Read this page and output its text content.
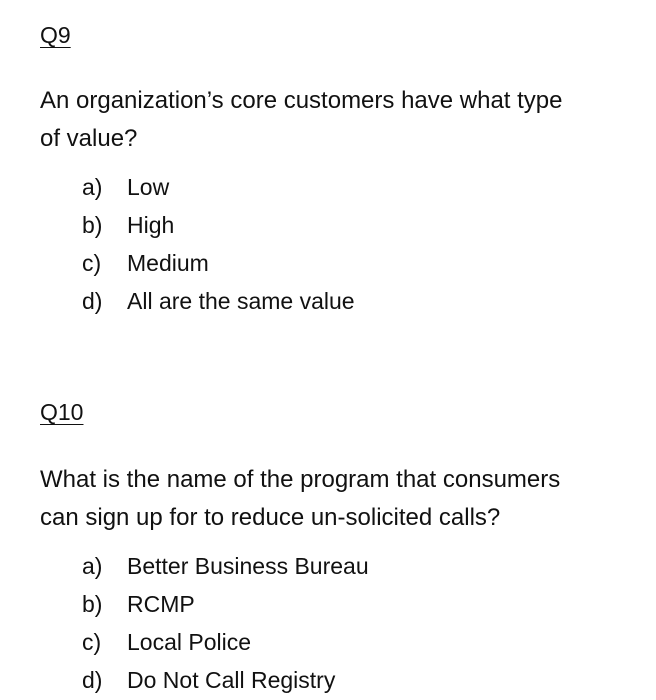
Q9

An organization’s core customers have what type
of value?

a)	Low
b)	High
c)	Medium
d)	All are the same value

Q10

What is the name of the program that consumers
can sign up for to reduce un-solicited calls?

a)	Better Business Bureau
b)	RCMP
c)	Local Police
d)	Do Not Call Registry
